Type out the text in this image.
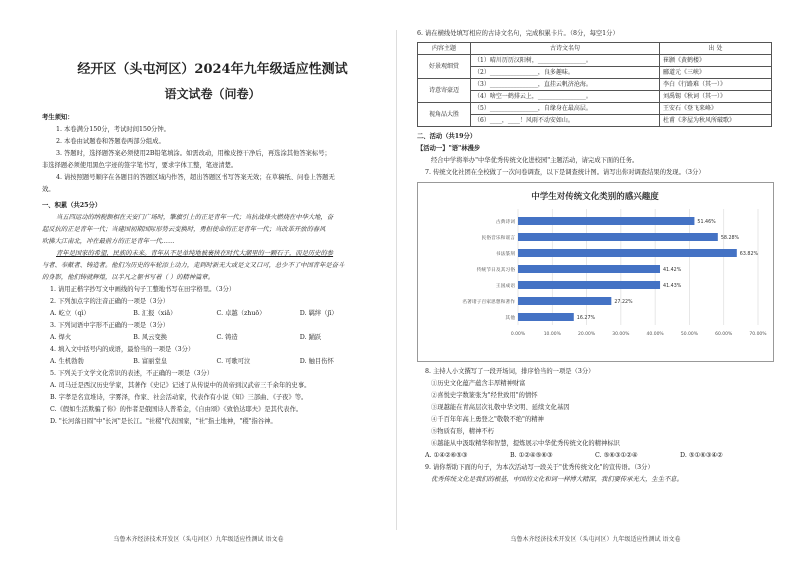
经开区（头屯河区）2024年九年级适应性测试
语文试卷（问卷）
考生须知：
1. 本卷满分150分，考试时间150分钟。
2. 本卷由试题卷和答题卷两部分组成。
3. 答题时，选择题答案必须使用2B铅笔填涂。如需改动，用橡皮擦干净后，再选涂其他答案标号；
非选择题必须使用黑色字迹的签字笔书写，要求字体工整，笔迹清楚。
4. 请按照题号顺序在各题目的答题区域内作答，超出答题区书写答案无效；在草稿纸、问卷上答题无
效。
一、积累（共25分）
当五四运动的纳税额相在天安门广场时，擎旗引上的正是青年一代；当抗战烽火燃烧在中华大地，奋
起反抗的正是青年一代；当建国初期国际形势云变换时，勇担使命的正是青年一代；当改革开放的春风
吹拂大江南北，冲在最前方的正是青年一代……
青年是国家的希望，民族的未来。青年从不是单纯地被裹挟在时代大潮里的一颗石子，而是历史的参
与者、奉献者、铸造者。他们为历史的车轮添上动力，走到时新无大或是文又口可，总少不了中国青年是奋斗
的身影，他们铸就辉煌，以半凡之躯书写着（ ）的精神篇章。
1. 请用正楷字抄写文中画线的句子工整地书写在田字格里。（3分）
2. 下列加点字的注音正确的一项是（3分）
A. 屹立（qì）	B. 汇报（xiǎ）	C. 卓越（zhuō）	D. 羁绊（jī）
3. 下列词语中字形不正确的一项是（3分）
A. 焊火	B. 风云变换	C. 铸造	D. 踊跃
4. 填入文中括号内的成语，最恰当的一项是（3分）
A. 生机勃勃	B. 富丽堂皇	C. 可歌可泣	D. 触目伤怀
5. 下列关于文学文化常识的表述，不正确的一项是（3分）
A. 司马迁是西汉历史学家，其著作《史记》记述了从传说中的黄帝到汉武帝三千余年的史事。
B. 字孝是名宣堆诗，字雾泽，作家、社会活动家，代表作有小说《知》三部曲、《子夜》等。
C.《假如生活欺骗了你》的作者是俄国诗人普希金，《自由颂》《致恰达耶夫》是其代表作。
D. "长河落日圆"中"长河"是长江。"社稷"代表国家，"社"指土地神，"稷"指谷神。
乌鲁木齐经济技术开发区（头屯河区）九年级适应性测试 语文卷
6. 请在横线处填写相应的古诗文名句，完成积累卡片。（8分，每空1分）
内容主题	古诗文名句	出 处
好景观细赏	（1）晴川历历汉阳树，________________。	崔颢《黄鹤楼》
	（2）________________，良多趣味。	郦道元《三峡》
诗意寄豪迈	（3）________________，直挂云帆济沧海。	李白《行路难（其一）》
	（4）啥空一鹤排云上，________________。	刘禹锡《秋词（其一）》
视角品大胜	（5）________________，自缘身在最高层。	王安石《登飞来峰》
	（6）____，____！风雨不动安如山。	杜甫《茅屋为秋风所破歌》
二、活动（共19分）
【活动一】"语"林漫步
经合中学将举办"中华优秀传统文化进校园"主题活动，请完成下面的任务。
7. 传统文化社团在全校做了一次问卷调查，以下是调查统计图。请写出你对调查结果的发现。（3分）
中学生对传统文化类别的感兴趣度
0.00%	10.00%	20.00%	30.00%	40.00%	50.00%	60.00%	70.00%
古典诗词	51.46%
民俗音乐和谣言	58.28%
书法篆刻	63.82%
传统节日及其习俗	41.42%
王国成语	41.43%
名著诸子百家思想和著作	27.22%
其他	16.27%
8. 主持人小文撰写了一段开场词，排序恰当的一项是（3分）
①历史文化蕴产蕴含丰厚精神财富
②喜悦史字数篆张为"经世致用"的情怀
③现越能在青高层次礼敬中华文明、延续文化基因
④千百年年高上勇登之"敬敬不绝"的精神
⑤物质有形，精神不朽
⑥越能从中汲取精华和智慧，提炼展示中华优秀传统文化的精神标识
A. ①④②⑥⑤③	B. ①②④⑤⑥③	C. ⑤⑥③①②④	D. ⑤①⑥③④②
9. 请你帮助下面的句子，为本次活动写一段关于"优秀传统文化"的宣传语。（3分）
优秀传统文化是我们的根基，中国的文化和词一样博大精深，我们要传承光大，生生不息。
乌鲁木齐经济技术开发区（头屯河区）九年级适应性测试 语文卷
